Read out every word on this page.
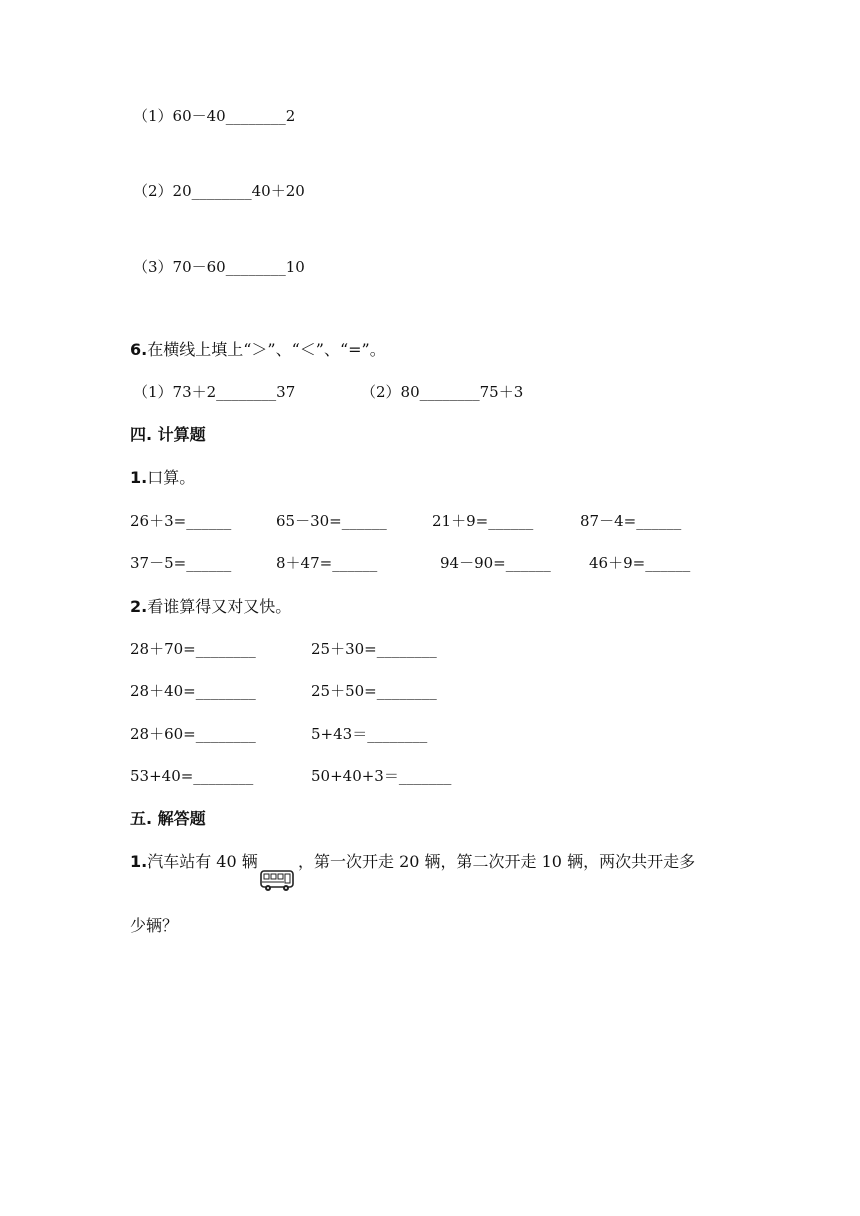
（1）60－40________2
（2）20________40＋20
（3）70－60________10
6.在横线上填上“＞”、“＜”、“=”。
（1）73＋2________37	（2）80________75＋3
四. 计算题
1.口算。
26＋3=______	65－30=______	21＋9=______	87－4=______
37－5=______	8＋47=______	94－90=______	46＋9=______
2.看谁算得又对又快。
28＋70=________	25＋30=________
28＋40=________	25＋50=________
28＋60=________	5+43＝________
53+40=________	50+40+3＝_______
五. 解答题
1.汽车站有 40 辆	，第一次开走 20 辆，第二次开走 10 辆，两次共开走多
少辆？
